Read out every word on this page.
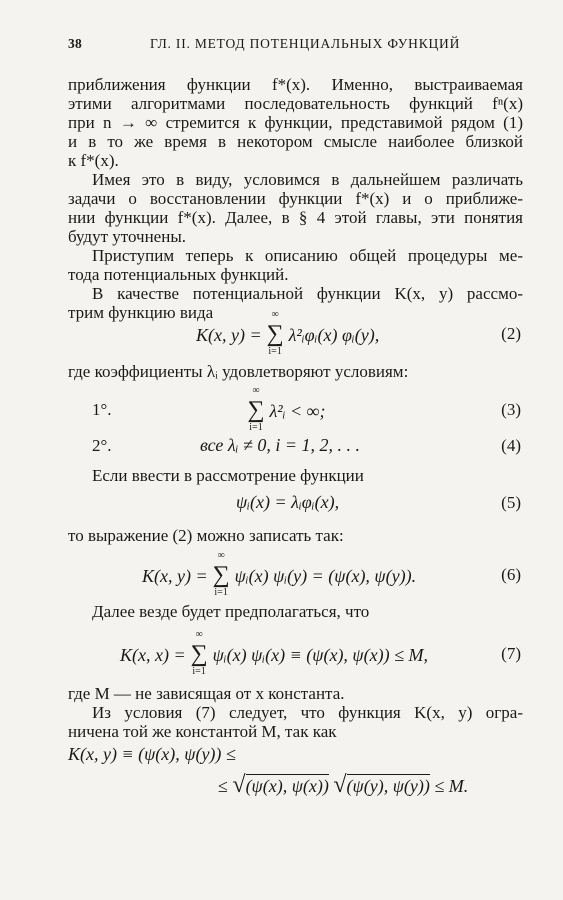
38	ГЛ. II. МЕТОД ПОТЕНЦИАЛЬНЫХ ФУНКЦИЙ
приближения функции f*(x). Именно, выстраиваемая
этими алгоритмами последовательность функций fⁿ(x)
при n → ∞ стремится к функции, представимой рядом (1)
и в то же время в некотором смысле наиболее близкой
к f*(x).
Имея это в виду, условимся в дальнейшем различать
задачи о восстановлении функции f*(x) и о приближе-
нии функции f*(x). Далее, в § 4 этой главы, эти понятия
будут уточнены.
Приступим теперь к описанию общей процедуры ме-
тода потенциальных функций.
В качестве потенциальной функции K(x, y) рассмо-
трим функцию вида
K(x, y) =
∞
∑
i=1
λ²ᵢφᵢ(x) φᵢ(y),	(2)
где коэффициенты λᵢ удовлетворяют условиям:
1°.
∞
∑
i=1
λ²ᵢ < ∞;	(3)
2°.	все λᵢ ≠ 0, i = 1, 2, . . .	(4)
Если ввести в рассмотрение функции
ψᵢ(x) = λᵢφᵢ(x),	(5)
то выражение (2) можно записать так:
K(x, y) =
∞
∑
i=1
ψᵢ(x) ψᵢ(y) = (ψ(x), ψ(y)).	(6)
Далее везде будет предполагаться, что
K(x, x) =
∞
∑
i=1
ψᵢ(x) ψᵢ(x) ≡ (ψ(x), ψ(x)) ≤ M,	(7)
где M — не зависящая от x константа.
Из условия (7) следует, что функция K(x, y) огра-
ничена той же константой M, так как
K(x, y) ≡ (ψ(x), ψ(y)) ≤
≤ √(ψ(x), ψ(x)) √(ψ(y), ψ(y)) ≤ M.
